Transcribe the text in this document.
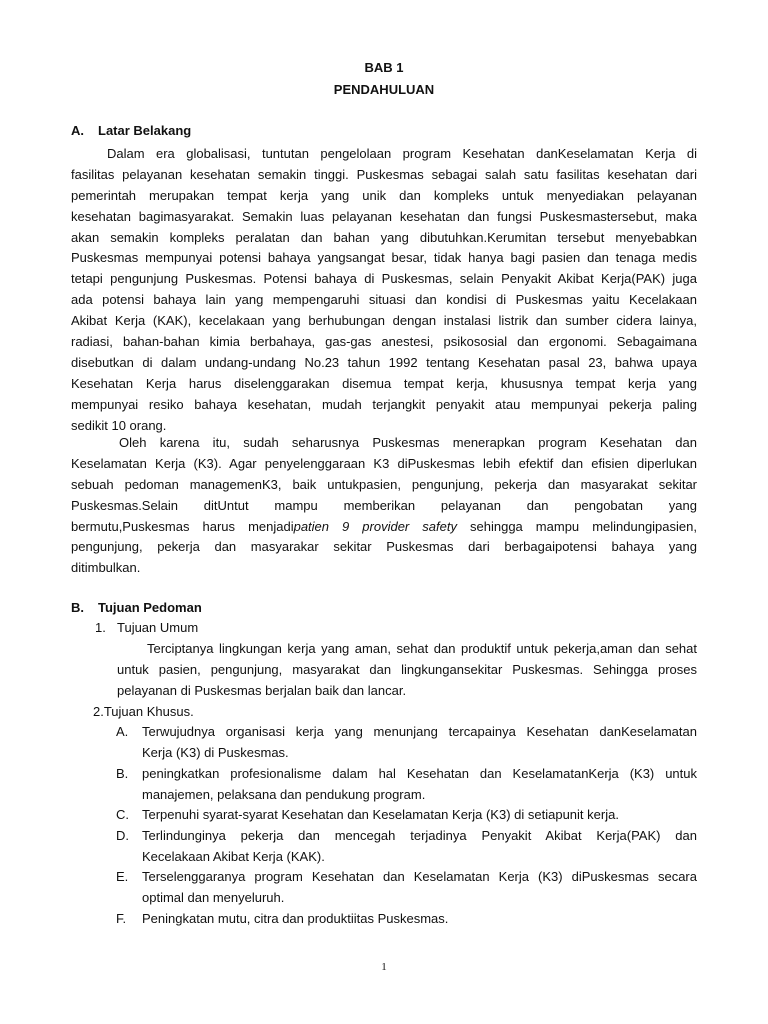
BAB 1
PENDAHULUAN
A. Latar Belakang
Dalam era globalisasi, tuntutan pengelolaan program Kesehatan danKeselamatan Kerja di
fasilitas pelayanan kesehatan semakin tinggi. Puskesmas sebagai salah satu fasilitas kesehatan dari
pemerintah merupakan tempat kerja yang unik dan kompleks untuk menyediakan pelayanan
kesehatan bagimasyarakat. Semakin luas pelayanan kesehatan dan fungsi Puskesmastersebut, maka
akan semakin kompleks peralatan dan bahan yang dibutuhkan.Kerumitan tersebut menyebabkan
Puskesmas mempunyai potensi bahaya yangsangat besar, tidak hanya bagi pasien dan tenaga medis
tetapi pengunjung Puskesmas. Potensi bahaya di Puskesmas, selain Penyakit Akibat Kerja(PAK) juga
ada potensi bahaya lain yang mempengaruhi situasi dan kondisi di Puskesmas yaitu Kecelakaan
Akibat Kerja (KAK), kecelakaan yang berhubungan dengan instalasi listrik dan sumber cidera lainya,
radiasi, bahan-bahan kimia berbahaya, gas-gas anestesi, psikososial dan ergonomi. Sebagaimana
disebutkan di dalam undang-undang No.23 tahun 1992 tentang Kesehatan pasal 23, bahwa upaya
Kesehatan Kerja harus diselenggarakan disemua tempat kerja, khususnya tempat kerja yang
mempunyai resiko bahaya kesehatan, mudah terjangkit penyakit atau mempunyai pekerja paling
sedikit 10 orang.
Oleh karena itu, sudah seharusnya Puskesmas menerapkan program Kesehatan dan
Keselamatan Kerja (K3). Agar penyelenggaraan K3 diPuskesmas lebih efektif dan efisien diperlukan
sebuah pedoman managemenK3, baik untukpasien, pengunjung, pekerja dan masyarakat sekitar
Puskesmas.Selain ditUntut mampu memberikan pelayanan dan pengobatan yang
bermutu,Puskesmas harus menjadipatien 9 provider safety sehingga mampu melindungipasien,
pengunjung, pekerja dan masyarakar sekitar Puskesmas dari berbagaipotensi bahaya yang
ditimbulkan.
B. Tujuan Pedoman
1. Tujuan Umum
Terciptanya lingkungan kerja yang aman, sehat dan produktif untuk pekerja,aman dan sehat
untuk pasien, pengunjung, masyarakat dan lingkungansekitar Puskesmas. Sehingga proses
pelayanan di Puskesmas berjalan baik dan lancar.
2.Tujuan Khusus.
A. Terwujudnya organisasi kerja yang menunjang tercapainya Kesehatan danKeselamatan
Kerja (K3) di Puskesmas.
B. peningkatkan profesionalisme dalam hal Kesehatan dan KeselamatanKerja (K3) untuk
manajemen, pelaksana dan pendukung program.
C. Terpenuhi syarat-syarat Kesehatan dan Keselamatan Kerja (K3) di setiapunit kerja.
D. Terlindunginya pekerja dan mencegah terjadinya Penyakit Akibat Kerja(PAK) dan
Kecelakaan Akibat Kerja (KAK).
E. Terselenggaranya program Kesehatan dan Keselamatan Kerja (K3) diPuskesmas secara
optimal dan menyeluruh.
F. Peningkatan mutu, citra dan produktiitas Puskesmas.
1
